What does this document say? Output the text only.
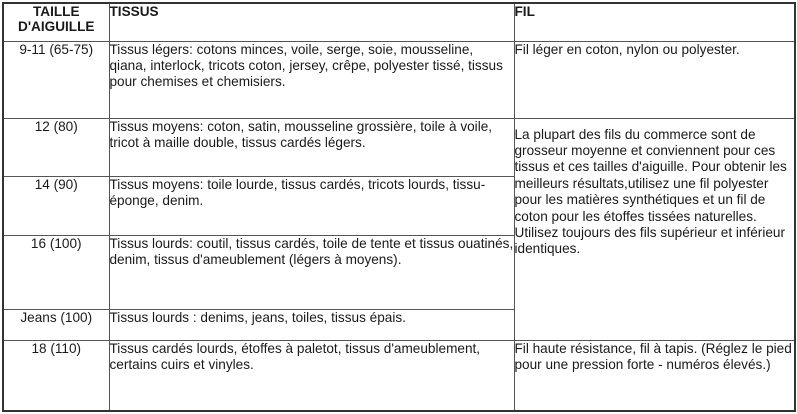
TAILLE
D'AIGUILLE	TISSUS	FIL
9-11 (65-75)	Tissus légers: cotons minces, voile, serge, soie, mousseline, qiana, interlock, tricots coton, jersey, crêpe, polyester tissé, tissus pour chemises et chemisiers.	Fil léger en coton, nylon ou polyester.
12 (80)	Tissus moyens: coton, satin, mousseline grossière, toile à voile, tricot à maille double, tissus cardés légers.	La plupart des fils du commerce sont de grosseur moyenne et conviennent pour ces tissus et ces tailles d'aiguille. Pour obtenir les meilleurs résultats,utilisez une fil polyester pour les matières synthétiques et un fil de coton pour les étoffes tissées naturelles. Utilisez toujours des fils supérieur et inférieur identiques.
14 (90)	Tissus moyens: toile lourde, tissus cardés, tricots lourds, tissu-éponge, denim.	
16 (100)	Tissus lourds: coutil, tissus cardés, toile de tente et tissus ouatinés, denim, tissus d'ameublement (légers à moyens).	
Jeans (100)	Tissus lourds : denims, jeans, toiles, tissus épais.	
18 (110)	Tissus cardés lourds, étoffes à paletot, tissus d'ameublement, certains cuirs et vinyles.	Fil haute résistance, fil à tapis. (Réglez le pied pour une pression forte - numéros élevés.)
